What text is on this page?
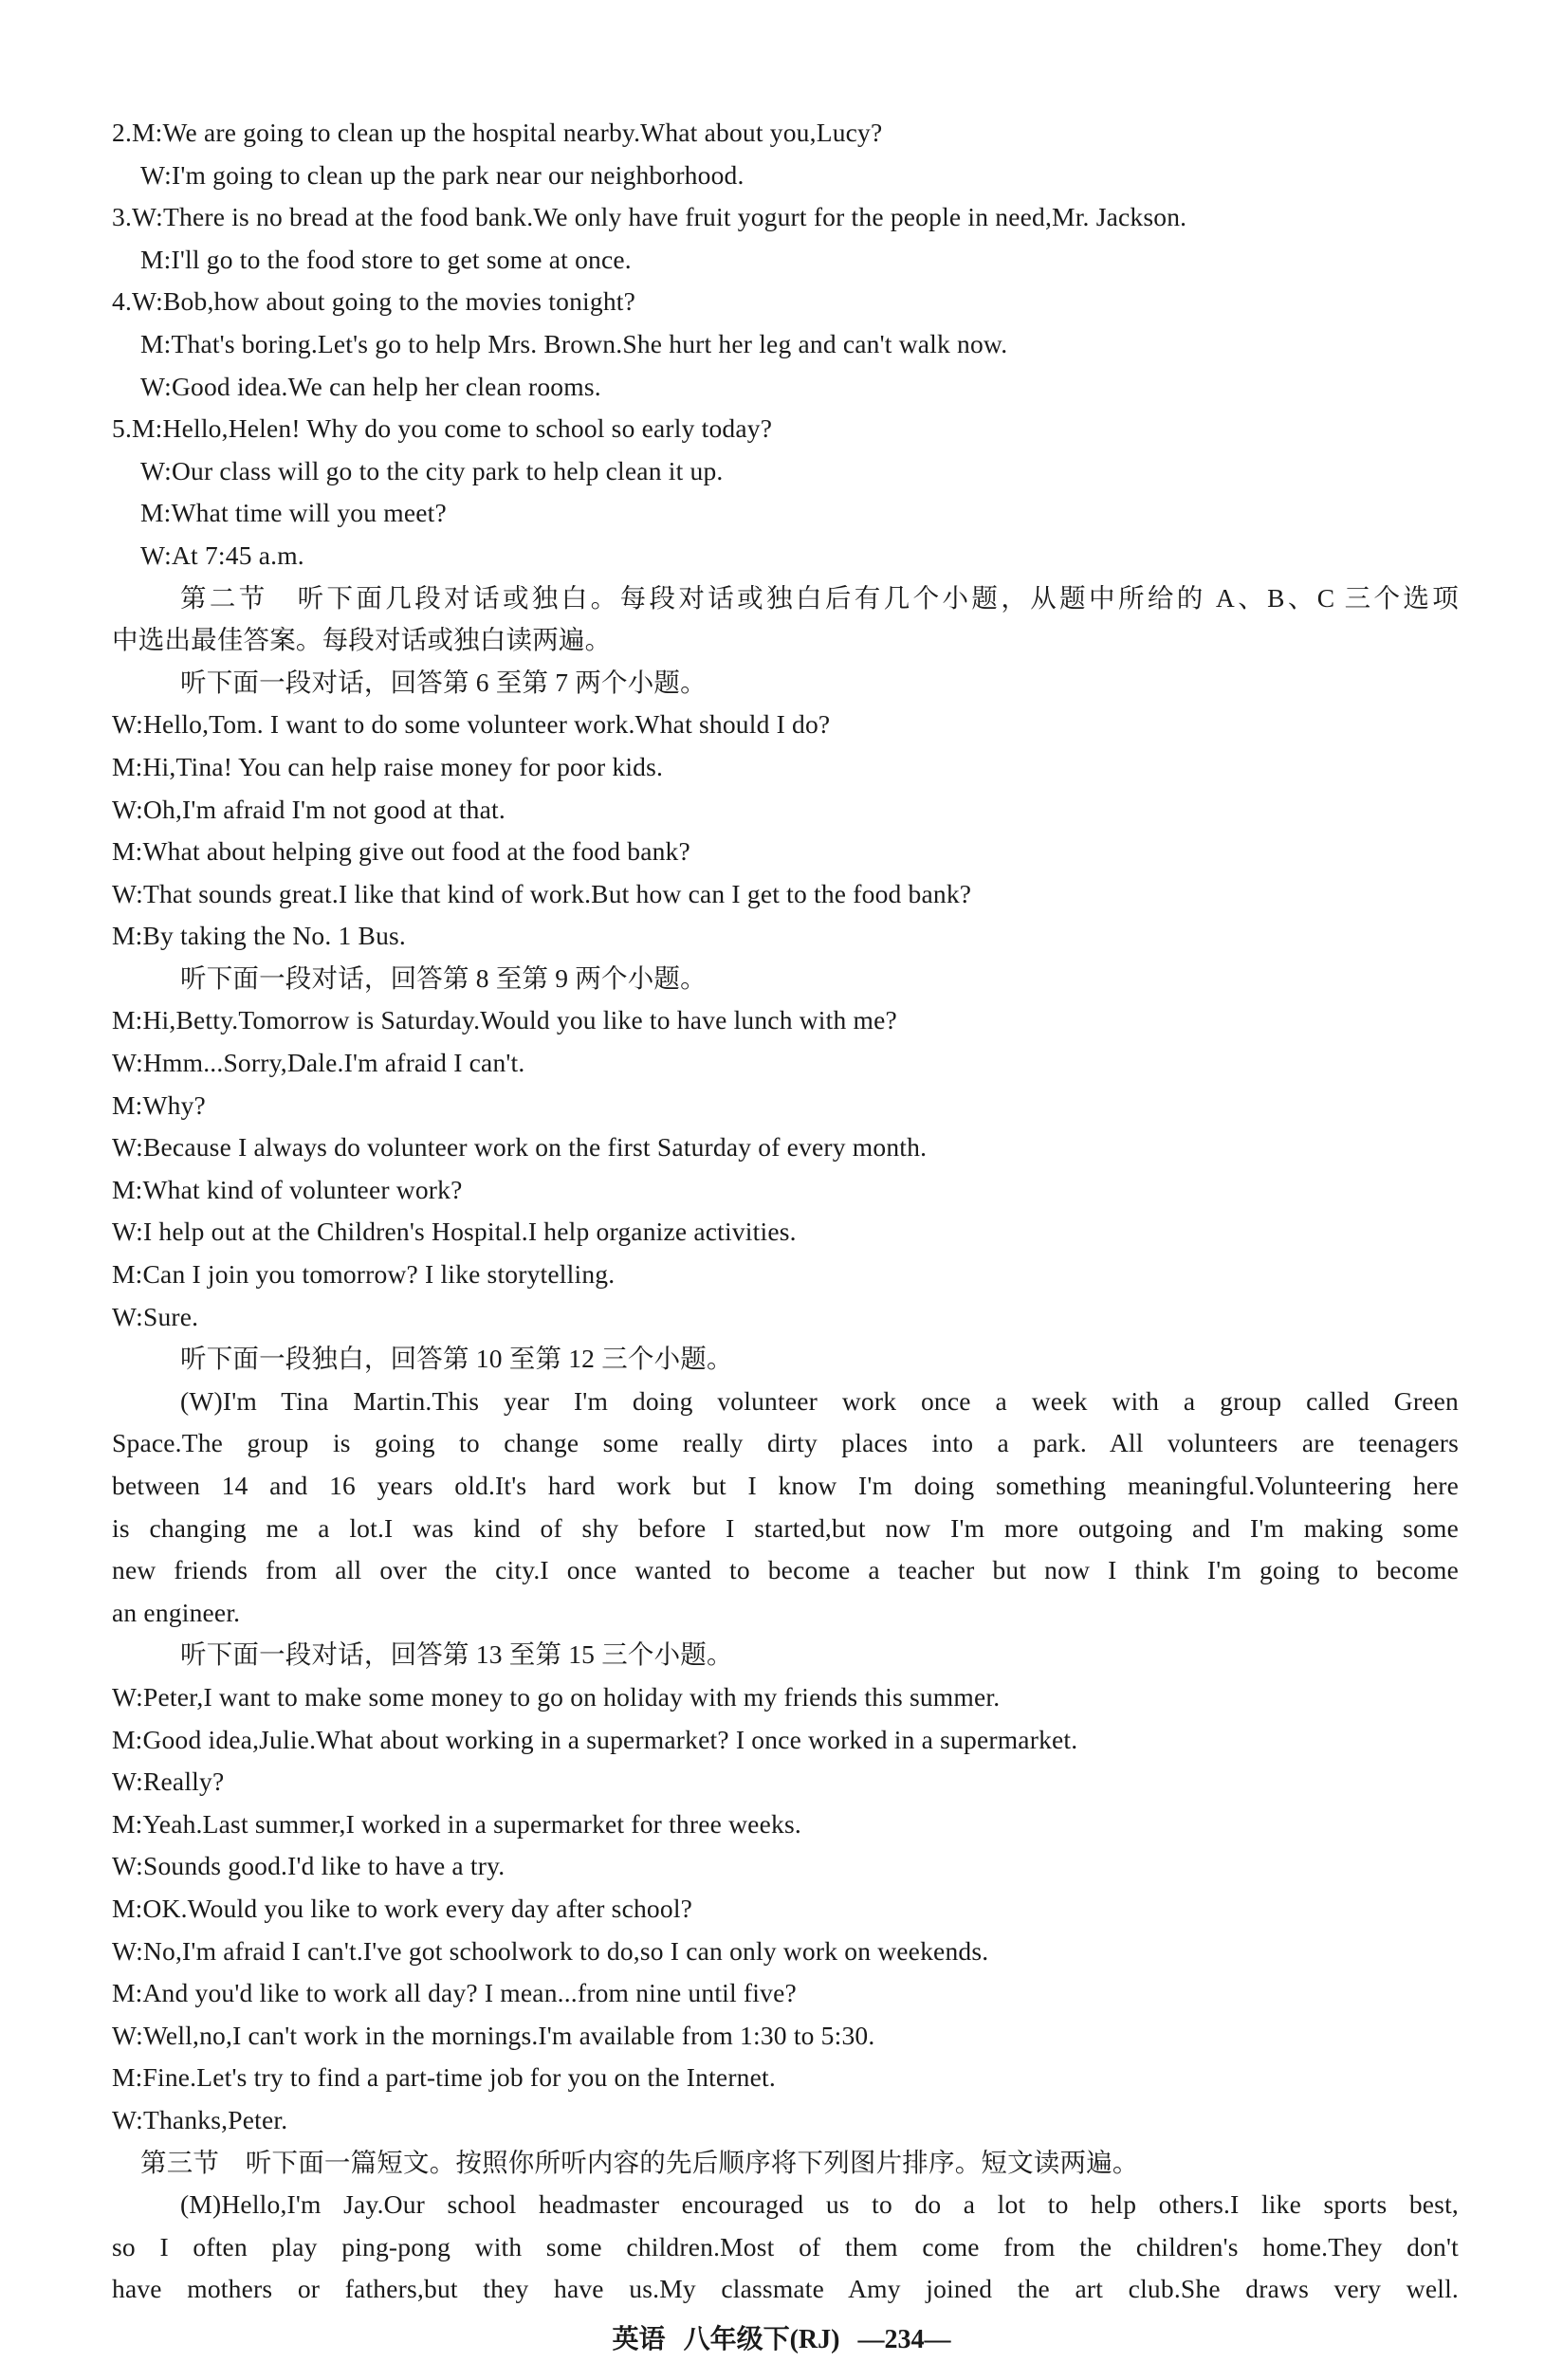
2.M:We are going to clean up the hospital nearby.What about you,Lucy?
W:I'm going to clean up the park near our neighborhood.
3.W:There is no bread at the food bank.We only have fruit yogurt for the people in need,Mr. Jackson.
M:I'll go to the food store to get some at once.
4.W:Bob,how about going to the movies tonight?
M:That's boring.Let's go to help Mrs. Brown.She hurt her leg and can't walk now.
W:Good idea.We can help her clean rooms.
5.M:Hello,Helen! Why do you come to school so early today?
W:Our class will go to the city park to help clean it up.
M:What time will you meet?
W:At 7:45 a.m.
第二节　听下面几段对话或独白。每段对话或独白后有几个小题，从题中所给的 A、B、C 三个选项
中选出最佳答案。每段对话或独白读两遍。
听下面一段对话，回答第 6 至第 7 两个小题。
W:Hello,Tom. I want to do some volunteer work.What should I do?
M:Hi,Tina! You can help raise money for poor kids.
W:Oh,I'm afraid I'm not good at that.
M:What about helping give out food at the food bank?
W:That sounds great.I like that kind of work.But how can I get to the food bank?
M:By taking the No. 1 Bus.
听下面一段对话，回答第 8 至第 9 两个小题。
M:Hi,Betty.Tomorrow is Saturday.Would you like to have lunch with me?
W:Hmm...Sorry,Dale.I'm afraid I can't.
M:Why?
W:Because I always do volunteer work on the first Saturday of every month.
M:What kind of volunteer work?
W:I help out at the Children's Hospital.I help organize activities.
M:Can I join you tomorrow? I like storytelling.
W:Sure.
听下面一段独白，回答第 10 至第 12 三个小题。
(W)I'm Tina Martin.This year I'm doing volunteer work once a week with a group called Green
Space.The group is going to change some really dirty places into a park. All volunteers are teenagers
between 14 and 16 years old.It's hard work but I know I'm doing something meaningful.Volunteering here
is changing me a lot.I was kind of shy before I started,but now I'm more outgoing and I'm making some
new friends from all over the city.I once wanted to become a teacher but now I think I'm going to become
an engineer.
听下面一段对话，回答第 13 至第 15 三个小题。
W:Peter,I want to make some money to go on holiday with my friends this summer.
M:Good idea,Julie.What about working in a supermarket? I once worked in a supermarket.
W:Really?
M:Yeah.Last summer,I worked in a supermarket for three weeks.
W:Sounds good.I'd like to have a try.
M:OK.Would you like to work every day after school?
W:No,I'm afraid I can't.I've got schoolwork to do,so I can only work on weekends.
M:And you'd like to work all day? I mean...from nine until five?
W:Well,no,I can't work in the mornings.I'm available from 1:30 to 5:30.
M:Fine.Let's try to find a part-time job for you on the Internet.
W:Thanks,Peter.
第三节　听下面一篇短文。按照你所听内容的先后顺序将下列图片排序。短文读两遍。
(M)Hello,I'm Jay.Our school headmaster encouraged us to do a lot to help others.I like sports best,
so I often play ping-pong with some children.Most of them come from the children's home.They don't
have mothers or fathers,but they have us.My classmate Amy joined the art club.She draws very well.
英语 八年级下(RJ) —234—
